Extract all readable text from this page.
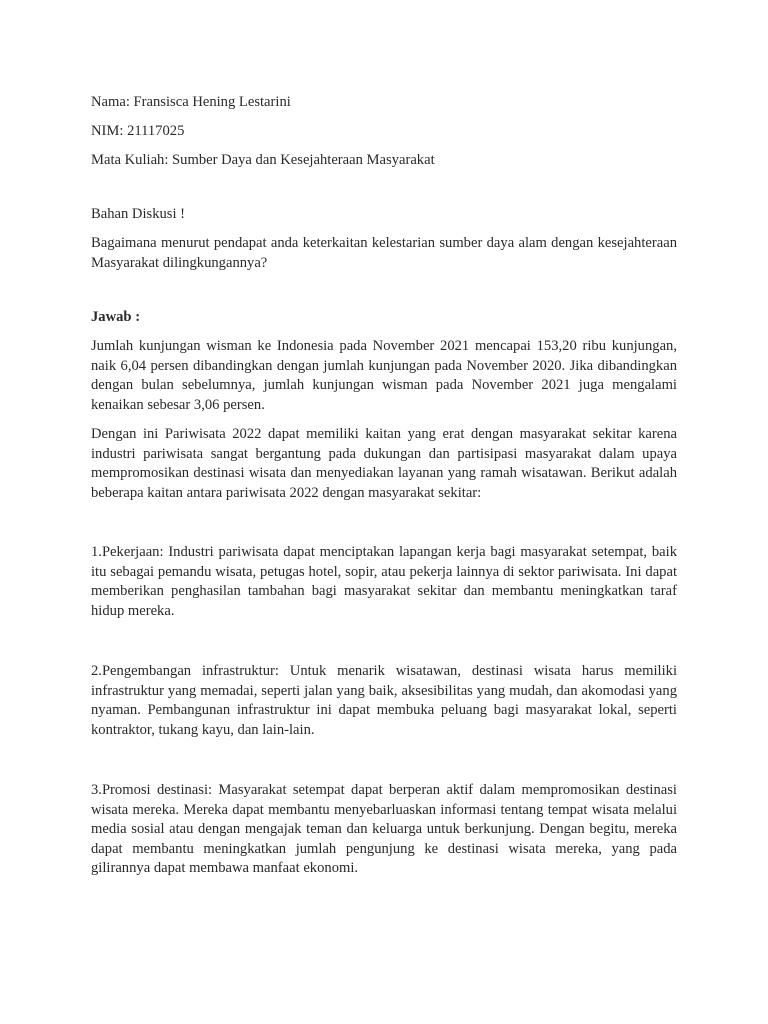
Nama: Fransisca Hening Lestarini

NIM: 21117025

Mata Kuliah: Sumber Daya dan Kesejahteraan Masyarakat

Bahan Diskusi !

Bagaimana menurut pendapat anda keterkaitan kelestarian sumber daya alam dengan kesejahteraan Masyarakat dilingkungannya?

Jawab :

Jumlah kunjungan wisman ke Indonesia pada November 2021 mencapai 153,20 ribu kunjungan, naik 6,04 persen dibandingkan dengan jumlah kunjungan pada November 2020. Jika dibandingkan dengan bulan sebelumnya, jumlah kunjungan wisman pada November 2021 juga mengalami kenaikan sebesar 3,06 persen.

Dengan ini Pariwisata 2022 dapat memiliki kaitan yang erat dengan masyarakat sekitar karena industri pariwisata sangat bergantung pada dukungan dan partisipasi masyarakat dalam upaya mempromosikan destinasi wisata dan menyediakan layanan yang ramah wisatawan. Berikut adalah beberapa kaitan antara pariwisata 2022 dengan masyarakat sekitar:

1.Pekerjaan: Industri pariwisata dapat menciptakan lapangan kerja bagi masyarakat setempat, baik itu sebagai pemandu wisata, petugas hotel, sopir, atau pekerja lainnya di sektor pariwisata. Ini dapat memberikan penghasilan tambahan bagi masyarakat sekitar dan membantu meningkatkan taraf hidup mereka.

2.Pengembangan infrastruktur: Untuk menarik wisatawan, destinasi wisata harus memiliki infrastruktur yang memadai, seperti jalan yang baik, aksesibilitas yang mudah, dan akomodasi yang nyaman. Pembangunan infrastruktur ini dapat membuka peluang bagi masyarakat lokal, seperti kontraktor, tukang kayu, dan lain-lain.

3.Promosi destinasi: Masyarakat setempat dapat berperan aktif dalam mempromosikan destinasi wisata mereka. Mereka dapat membantu menyebarluaskan informasi tentang tempat wisata melalui media sosial atau dengan mengajak teman dan keluarga untuk berkunjung. Dengan begitu, mereka dapat membantu meningkatkan jumlah pengunjung ke destinasi wisata mereka, yang pada gilirannya dapat membawa manfaat ekonomi.
